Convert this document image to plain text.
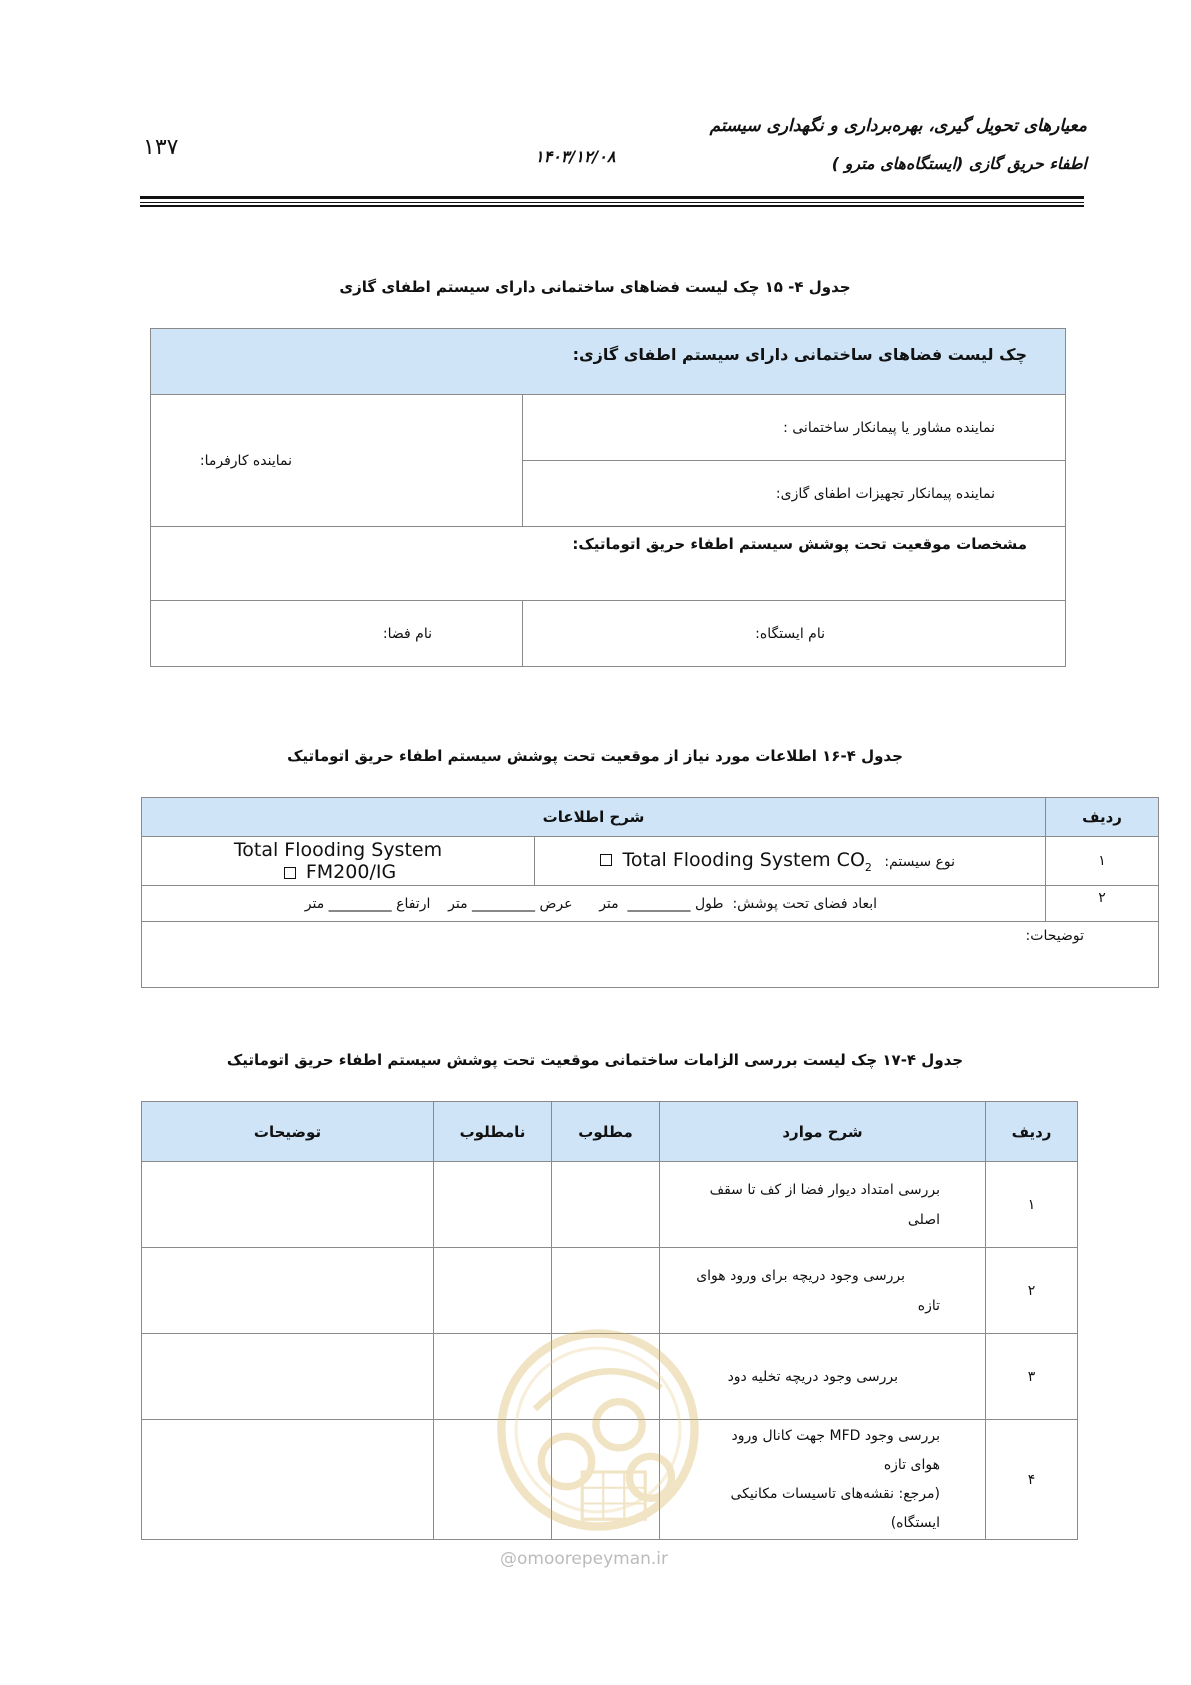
۱۳۷	۱۴۰۳/۱۲/۰۸
معیارهای تحویل گیری، بهره‌برداری و نگهداری سیستم
اطفاء حریق گازی (ایستگاه‌های مترو )
جدول ۴- ۱۵ چک لیست فضاهای ساختمانی دارای سیستم اطفای گازی
چک لیست فضاهای ساختمانی دارای سیستم اطفای گازی:	
نماینده مشاور یا پیمانکار ساختمانی :	نماینده کارفرما:
نماینده پیمانکار تجهیزات اطفای گازی:	
مشخصات موقعیت تحت پوشش سیستم اطفاء حریق اتوماتیک:	
نام ایستگاه:	نام فضا:
جدول ۴-۱۶ اطلاعات مورد نیاز از موقعیت تحت پوشش سیستم اطفاء حریق اتوماتیک
ردیف	شرح اطلاعات	
۱	نوع سیستم:  Total Flooding System $CO_2$	Total Flooding System
FM200/IG

۲	ابعاد فضای تحت پوشش:  طول _________  متر      عرض _________ متر    ارتفاع _________ متر	
توضیحات:		
جدول ۴-۱۷ چک لیست بررسی الزامات ساختمانی موقعیت تحت پوشش سیستم اطفاء حریق اتوماتیک
ردیف	شرح موارد	مطلوب	نامطلوب	توضیحات
۱	بررسی امتداد دیوار فضا از کف تا سقف
اصلی			

۲	بررسی وجود دریچه برای ورود هوای
تازه			

۳	بررسی وجود دریچه تخلیه دود			

۴	بررسی وجود MFD جهت کانال ورود
هوای تازه
(مرجع: نقشه‌های تاسیسات مکانیکی
ایستگاه)			

@omoorepeyman.ir
